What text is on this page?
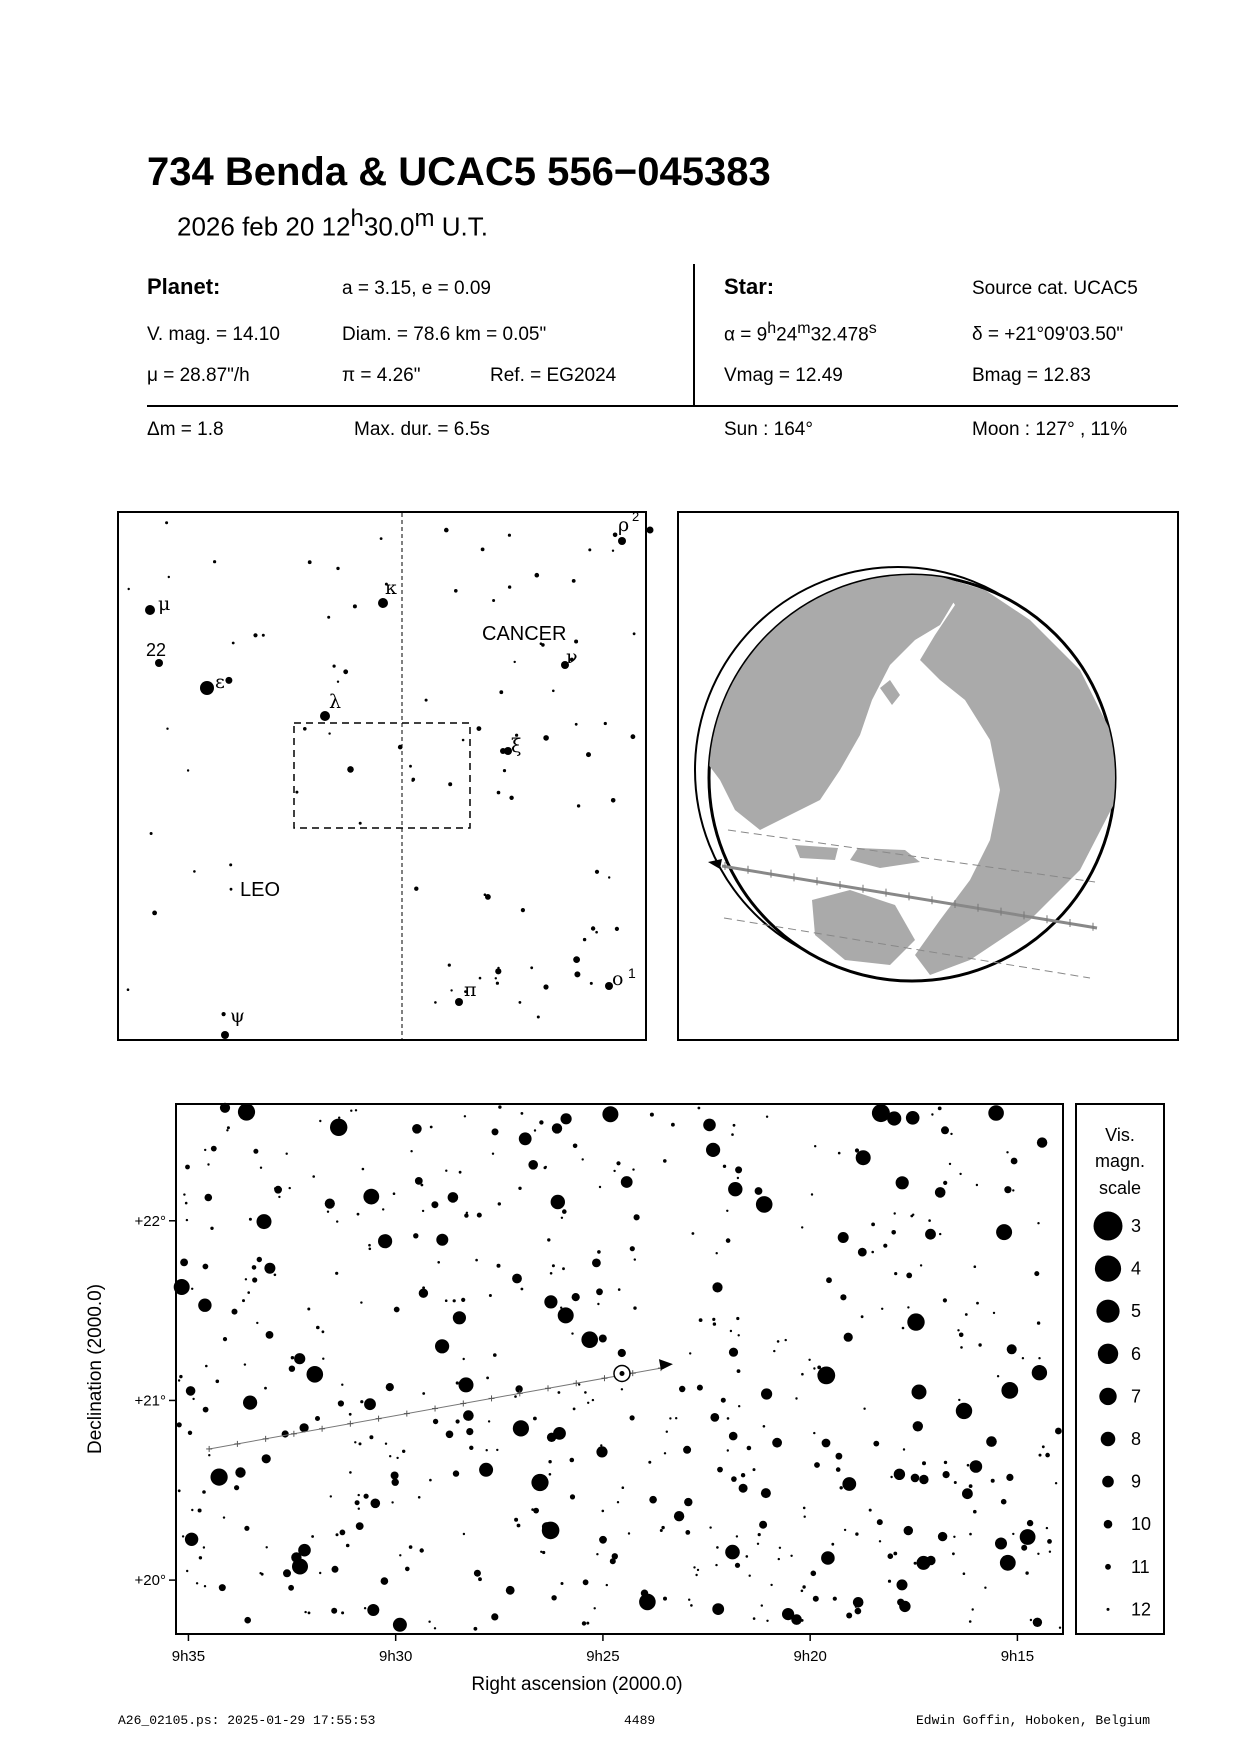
734 Benda & UCAC5 556−045383
2026 feb 20 12$^h$30.0$^m$ U.T.
Planet:	a = 3.15, e = 0.09
V. mag. = 14.10	Diam. = 78.6 km = 0.05"
μ = 28.87"/h	π = 4.26"	Ref. = EG2024
Star:	Source cat. UCAC5
$\alpha = 9^h24^m32.478^s$	δ = +21°09'03.50"
Vmag = 12.49	Bmag = 12.83
Δm = 1.8	Max. dur. = 6.5s	Sun : 164°	Moon : 127° , 11%
CANCER
LEO
μ
22
ε
κ
λ
ν
ξ
ρ 2
π	ο 1
ψ
9h35	9h30	9h25	9h20	9h15
+22°
+21°
+20°
Right ascension (2000.0)
Declination (2000.0)
Vis.
magn.
scale
3
4
5
6
7
8
9
10
11
12
A26_02105.ps: 2025-01-29 17:55:53	4489	Edwin Goffin, Hoboken, Belgium
